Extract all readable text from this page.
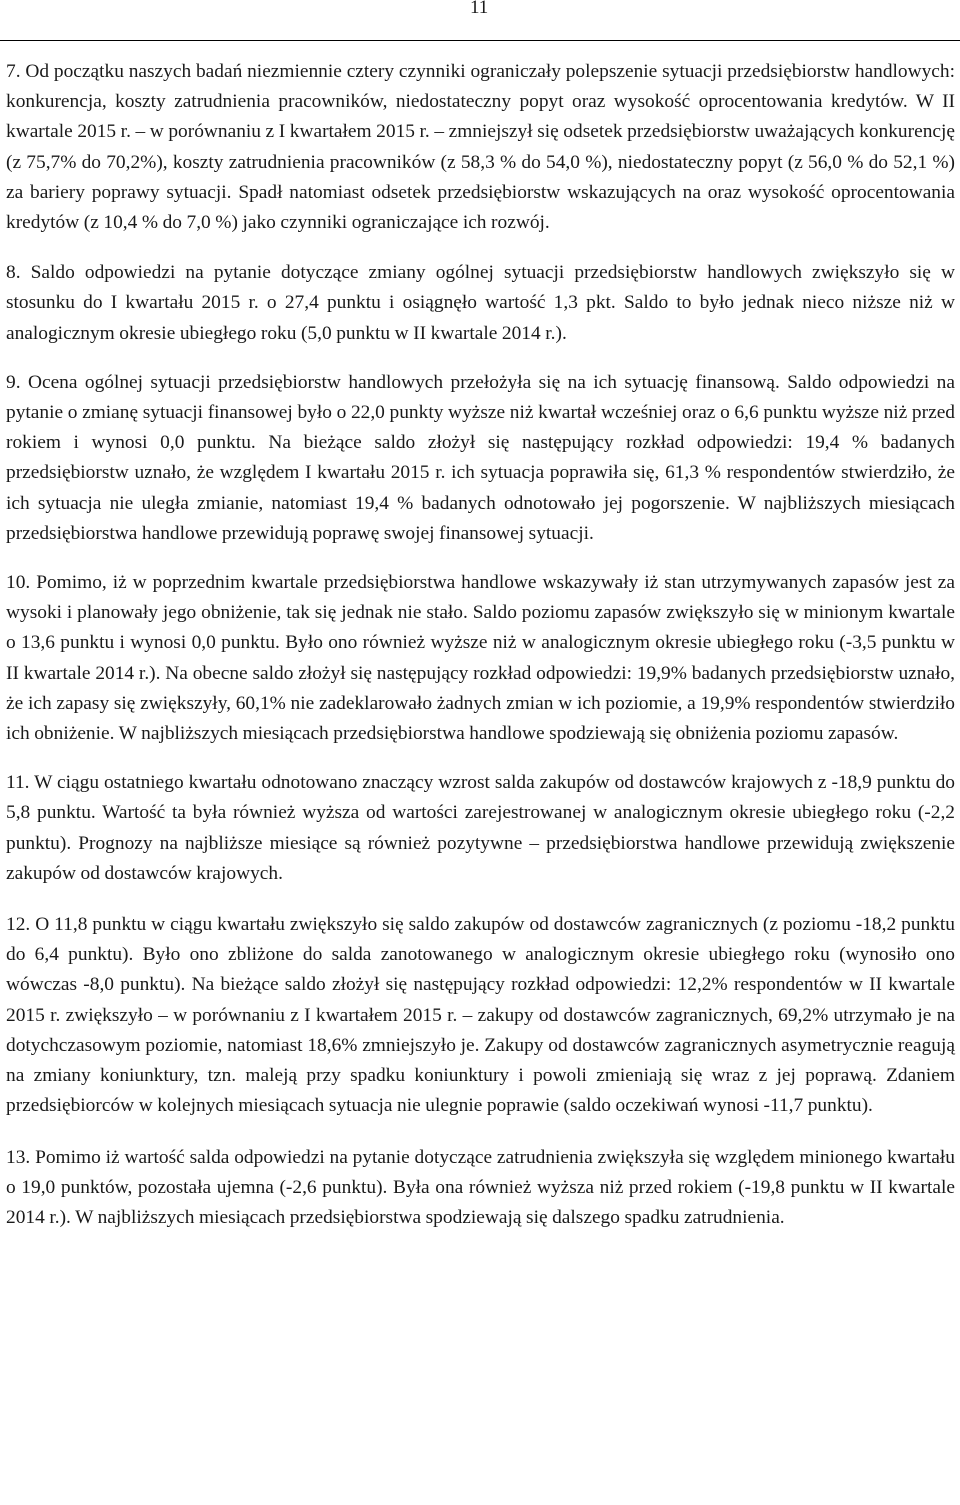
11

7. Od początku naszych badań niezmiennie cztery czynniki ograniczały polepszenie sytuacji przedsiębiorstw handlowych: konkurencja, koszty zatrudnienia pracowników, niedostateczny popyt oraz wysokość oprocentowania kredytów. W II kwartale 2015 r. – w porównaniu z I kwartałem 2015 r. – zmniejszył się odsetek przedsiębiorstw uważających konkurencję (z 75,7% do 70,2%), koszty zatrudnienia pracowników (z 58,3 % do 54,0 %), niedostateczny popyt (z 56,0 % do 52,1 %) za bariery poprawy sytuacji. Spadł natomiast odsetek przedsiębiorstw wskazujących na oraz wysokość oprocentowania kredytów (z 10,4 % do 7,0 %) jako czynniki ograniczające ich rozwój.

8. Saldo odpowiedzi na pytanie dotyczące zmiany ogólnej sytuacji przedsiębiorstw handlowych zwiększyło się w stosunku do I kwartału 2015 r. o 27,4 punktu i osiągnęło wartość 1,3 pkt. Saldo to było jednak nieco niższe niż w analogicznym okresie ubiegłego roku (5,0 punktu w II kwartale 2014 r.).

9. Ocena ogólnej sytuacji przedsiębiorstw handlowych przełożyła się na ich sytuację finansową. Saldo odpowiedzi na pytanie o zmianę sytuacji finansowej było o 22,0 punkty wyższe niż kwartał wcześniej oraz o 6,6 punktu wyższe niż przed rokiem i wynosi 0,0 punktu. Na bieżące saldo złożył się następujący rozkład odpowiedzi: 19,4 % badanych przedsiębiorstw uznało, że względem I kwartału 2015 r. ich sytuacja poprawiła się, 61,3 % respondentów stwierdziło, że ich sytuacja nie uległa zmianie, natomiast 19,4 % badanych odnotowało jej pogorszenie. W najbliższych miesiącach przedsiębiorstwa handlowe przewidują poprawę swojej finansowej sytuacji.

10. Pomimo, iż w poprzednim kwartale przedsiębiorstwa handlowe wskazywały iż stan utrzymywanych zapasów jest za wysoki i planowały jego obniżenie, tak się jednak nie stało. Saldo poziomu zapasów zwiększyło się w minionym kwartale o 13,6 punktu i wynosi 0,0 punktu. Było ono również wyższe niż w analogicznym okresie ubiegłego roku (-3,5 punktu w II kwartale 2014 r.). Na obecne saldo złożył się następujący rozkład odpowiedzi: 19,9% badanych przedsiębiorstw uznało, że ich zapasy się zwiększyły, 60,1% nie zadeklarowało żadnych zmian w ich poziomie, a 19,9% respondentów stwierdziło ich obniżenie. W najbliższych miesiącach przedsiębiorstwa handlowe spodziewają się obniżenia poziomu zapasów.

11. W ciągu ostatniego kwartału odnotowano znaczący wzrost salda zakupów od dostawców krajowych z -18,9 punktu do 5,8 punktu. Wartość ta była również wyższa od wartości zarejestrowanej w analogicznym okresie ubiegłego roku (-2,2 punktu). Prognozy na najbliższe miesiące są również pozytywne – przedsiębiorstwa handlowe przewidują zwiększenie zakupów od dostawców krajowych.

12. O 11,8 punktu w ciągu kwartału zwiększyło się saldo zakupów od dostawców zagranicznych (z poziomu -18,2 punktu do 6,4 punktu). Było ono zbliżone do salda zanotowanego w analogicznym okresie ubiegłego roku (wynosiło ono wówczas -8,0 punktu). Na bieżące saldo złożył się następujący rozkład odpowiedzi: 12,2% respondentów w II kwartale 2015 r. zwiększyło – w porównaniu z I kwartałem 2015 r. – zakupy od dostawców zagranicznych, 69,2% utrzymało je na dotychczasowym poziomie, natomiast 18,6% zmniejszyło je. Zakupy od dostawców zagranicznych asymetrycznie reagują na zmiany koniunktury, tzn. maleją przy spadku koniunktury i powoli zmieniają się wraz z jej poprawą. Zdaniem przedsiębiorców w kolejnych miesiącach sytuacja nie ulegnie poprawie (saldo oczekiwań wynosi -11,7 punktu).

13. Pomimo iż wartość salda odpowiedzi na pytanie dotyczące zatrudnienia zwiększyła się względem minionego kwartału o 19,0 punktów, pozostała ujemna (-2,6 punktu). Była ona również wyższa niż przed rokiem (-19,8 punktu w II kwartale 2014 r.). W najbliższych miesiącach przedsiębiorstwa spodziewają się dalszego spadku zatrudnienia.
